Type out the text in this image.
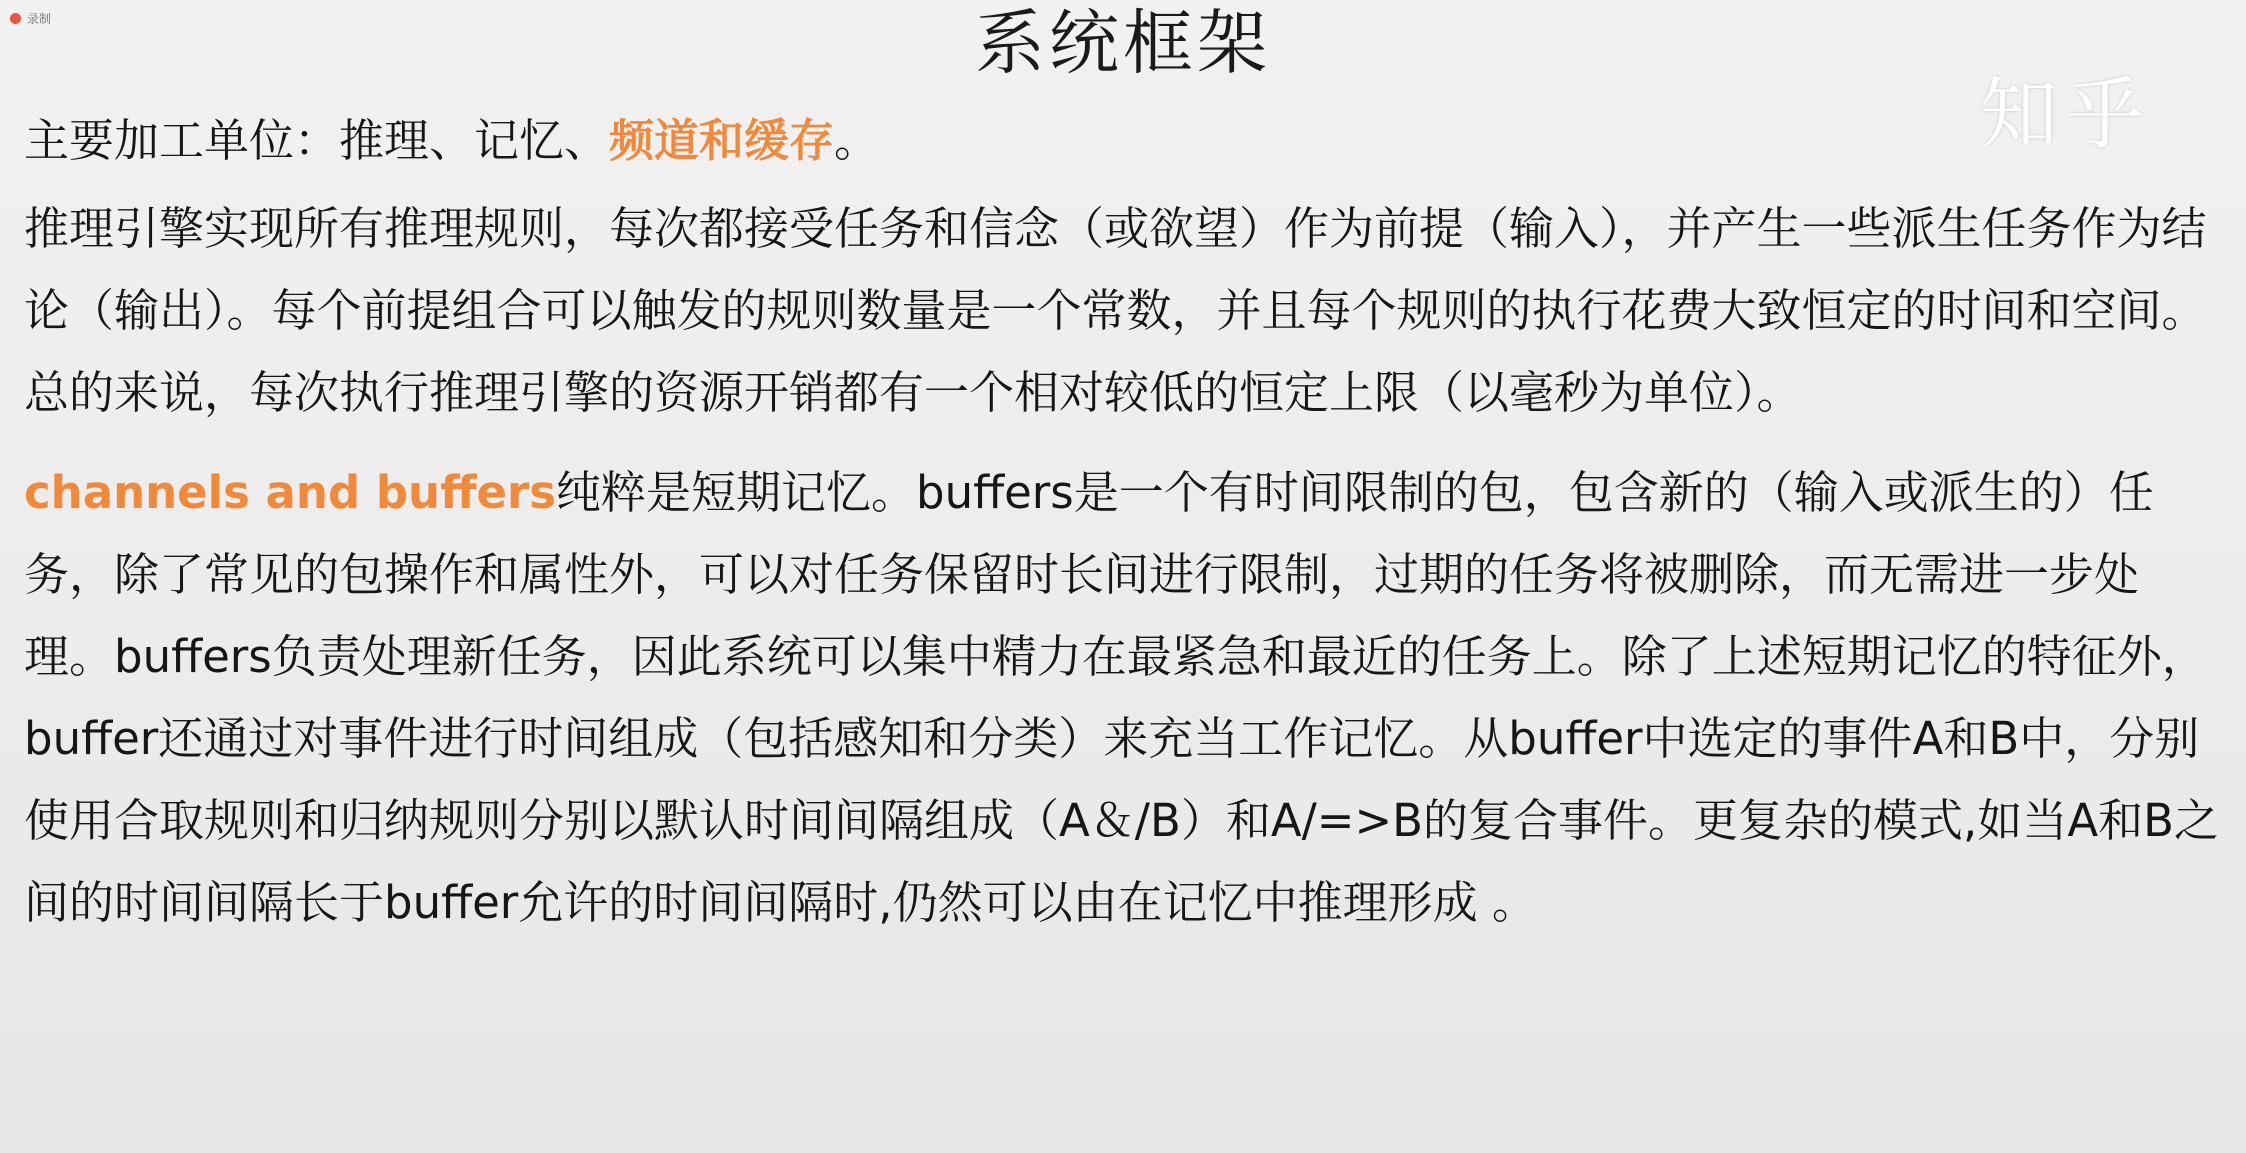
录制	系统框架
知乎

主要加工单位：推理、记忆、频道和缓存。

推理引擎实现所有推理规则，每次都接受任务和信念（或欲望）作为前提（输入），并产生一些派生任务作为结论（输出）。每个前提组合可以触发的规则数量是一个常数，并且每个规则的执行花费大致恒定的时间和空间。总的来说，每次执行推理引擎的资源开销都有一个相对较低的恒定上限（以毫秒为单位）。

channels and buffers纯粹是短期记忆。buffers是一个有时间限制的包，包含新的（输入或派生的）任务，除了常见的包操作和属性外，可以对任务保留时长间进行限制，过期的任务将被删除，而无需进一步处理。buffers负责处理新任务，因此系统可以集中精力在最紧急和最近的任务上。除了上述短期记忆的特征外，buffer还通过对事件进行时间组成（包括感知和分类）来充当工作记忆。从buffer中选定的事件A和B中，分别使用合取规则和归纳规则分别以默认时间间隔组成（A＆/B）和A/=>B的复合事件。更复杂的模式,如当A和B之间的时间间隔长于buffer允许的时间间隔时,仍然可以由在记忆中推理形成 。
